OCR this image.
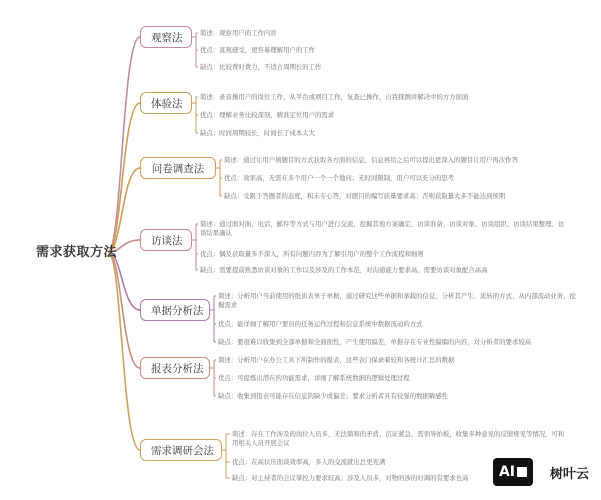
需求获取方法
观察法	简述：观察用户的工作内容
优点：直观感受，更容易理解用户的工作
缺点：比较费时费力，不适合周期长的工作
体验法
简述：录音操用户的岗位工作，从平台或项目工作，复查已操作，自我探测并解决中的方方面面
优点：理解业务比较深刻，精准定位用户的需求
缺点：时间周期较长，时间长了成本太大
问卷调查法
简述：通过让用户填题目的方式获取各方面的信息，信息再给之后可以提出更深入的题目让用户再次作答
优点：效率高，无需在多个用户一个一个地问；无时间限制，用户可以充分的思考
缺点：受限于答题者的态度，积未专心答，对题目的编写质量要求高；否则获取量大多不能达到预期
访谈法
简述：通过面对面、电话、邮件等方式与用户进行交流，挖掘其他方案确定、访谈准备、访谈对象、访谈组织、访谈结果整理、访谈结果确认
优点：偶及获取量多不深入，所有问题内容为了解引用户的整个工作流程和细则
缺点：需要提前熟悉访谈对象的工作以及涉及的工作本范，对沟通能力要求高，需要访谈对象配合高高
单据分析法
简述：分析用户当前使用的纸质表单子单据，通过研究这些单据和承载的信息，分析其产生、流转的方式、从内部流动业务，挖掘需求
优点：能详细了解用户要员的任务运作过程和信息系统中数据流动的方式
缺点：要很难以收集到全部单据和全面面性，产生使用偏差，单据存在专业性偏编的内容，对分析者的要求较高
报表分析法
简述：分析用户在办公工具下所制作的报表，这些表门保录着较和各统计汇总的数据
优点：可提炼出潜在的功能需求，详细了解系统数据的逻辑处理过程
缺点：收集到报表可能存在信息的缺少或偏差；要求分析者具有较强的数据敏感性
需求调研会法
简述：存在工作涉及的岗位人员多，无法简和的矛盾，沉证紧急、需领导拍板，收集多种意见的反馈规见等情况，可和用相关人员开展会议
优点：在高状压面谈效率高，多人的交流就出总更充满
缺点：对主持者的会议掌控力要求较高；涉及人员多，对物的涉的时调的有要求也高 AI	树叶云
